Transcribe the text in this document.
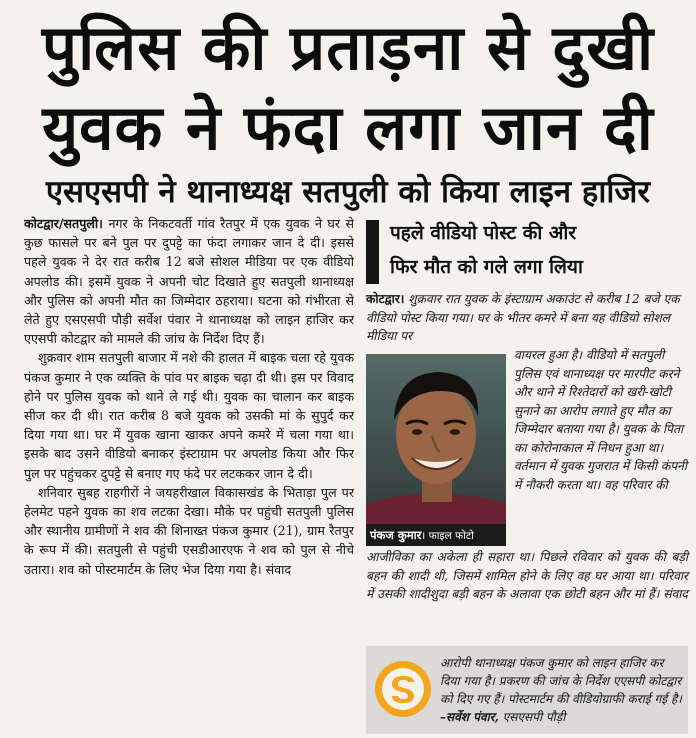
पुलिस की प्रताड़ना से दुखी
युवक ने फंदा लगा जान दी
एसएसपी ने थानाध्यक्ष सतपुली को किया लाइन हाजिर

कोटद्वार/सतपुली। नगर के निकटवर्ती गांव रैतपुर में एक युवक ने घर से कुछ फासले पर बने पुल पर दुपट्टे का फंदा लगाकर जान दे दी। इससे पहले युवक ने देर रात करीब 12 बजे सोशल मीडिया पर एक वीडियो अपलोड की। इसमें युवक ने अपनी चोट दिखाते हुए सतपुली थानाध्यक्ष और पुलिस को अपनी मौत का जिम्मेदार ठहराया। घटना को गंभीरता से लेते हुए एसएसपी पौड़ी सर्वेश पंवार ने थानाध्यक्ष को लाइन हाजिर कर एएसपी कोटद्वार को मामले की जांच के निर्देश दिए हैं।

शुक्रवार शाम सतपुली बाजार में नशे की हालत में बाइक चला रहे युवक पंकज कुमार ने एक व्यक्ति के पांव पर बाइक चढ़ा दी थी। इस पर विवाद होने पर पुलिस युवक को थाने ले गई थी। युवक का चालान कर बाइक सीज कर दी थी। रात करीब 8 बजे युवक को उसकी मां के सुपुर्द कर दिया गया था। घर में युवक खाना खाकर अपने कमरे में चला गया था। इसके बाद उसने वीडियो बनाकर इंस्टाग्राम पर अपलोड किया और फिर पुल पर पहुंचकर दुपट्टे से बनाए गए फंदे पर लटककर जान दे दी।

शनिवार सुबह राहगीरों ने जयहरीखाल विकासखंड के भिताड़ा पुल पर हेलमेट पहने युवक का शव लटका देखा। मौके पर पहुंची सतपुली पुलिस और स्थानीय ग्रामीणों ने शव की शिनाख्त पंकज कुमार (21), ग्राम रैतपुर के रूप में की। सतपुली से पहुंची एसडीआरएफ ने शव को पुल से नीचे उतारा। शव को पोस्टमार्टम के लिए भेज दिया गया है। संवाद

पहले वीडियो पोस्ट की और
फिर मौत को गले लगा लिया
कोटद्वार। शुक्रवार रात युवक के इंस्टाग्राम अकाउंट से करीब 12 बजे एक वीडियो पोस्ट किया गया। घर के भीतर कमरे में बना यह वीडियो सोशल मीडिया पर
पंकज कुमार। फाइल फोटो
वायरल हुआ है। वीडियो में सतपुली पुलिस एवं थानाध्यक्ष पर मारपीट करने और थाने में रिश्तेदारों को खरी-खोटी सुनाने का आरोप लगाते हुए मौत का जिम्मेदार बताया गया है। युवक के पिता का कोरोनाकाल में निधन हुआ था। वर्तमान में युवक गुजरात में किसी कंपनी में नौकरी करता था। वह परिवार की
आजीविका का अकेला ही सहारा था। पिछले रविवार को युवक की बड़ी बहन की शादी थी, जिसमें शामिल होने के लिए वह घर आया था। परिवार में उसकी शादीशुदा बड़ी बहन के अलावा एक छोटी बहन और मां हैं। संवाद
आरोपी थानाध्यक्ष पंकज कुमार को लाइन हाजिर कर दिया गया है। प्रकरण की जांच के निर्देश एएसपी कोटद्वार को दिए गए हैं। पोस्टमार्टम की वीडियोग्राफी कराई गई है। –सर्वेश पंवार, एसएसपी पौड़ी
